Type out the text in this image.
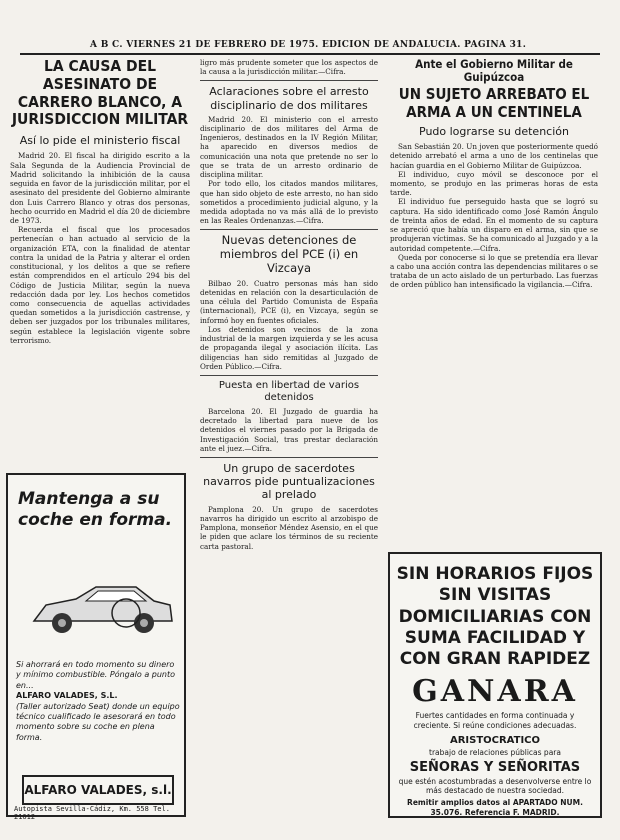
A B C. VIERNES 21 DE FEBRERO DE 1975. EDICION DE ANDALUCIA. PAGINA 31.
LA CAUSA DEL ASESINATO DE CARRERO BLANCO, A JURISDICCION MILITAR
Así lo pide el ministerio fiscal

Madrid 20. El fiscal ha dirigido escrito a la Sala Segunda de la Audiencia Provincial de Madrid solicitando la inhibición de la causa seguida en favor de la jurisdicción militar, por el asesinato del presidente del Gobierno almirante don Luis Carrero Blanco y otras dos personas, hecho ocurrido en Madrid el día 20 de diciembre de 1973.

Recuerda el fiscal que los procesados pertenecían o han actuado al servicio de la organización ETA, con la finalidad de atentar contra la unidad de la Patria y alterar el orden constitucional, y los delitos a que se refiere están comprendidos en el artículo 294 bis del Código de Justicia Militar, según la nueva redacción dada por ley. Los hechos cometidos como consecuencia de aquellas actividades quedan sometidos a la jurisdicción castrense, y deben ser juzgados por los tribunales militares, según establece la legislación vigente sobre terrorismo.

Mantenga a su coche en forma.
Si ahorrará en todo momento su dinero y mínimo combustible. Póngalo a punto en...
ALFARO VALADES, S.L.
(Taller autorizado Seat) donde un equipo técnico cualificado le asesorará en todo momento sobre su coche en plena forma.
ALFARO VALADES, s.l.
Autopista Sevilla-Cádiz, Km. 558 Tel. 21612

ligro más prudente someter que los aspectos de la causa a la jurisdicción militar.—Cifra.

Aclaraciones sobre el arresto disciplinario de dos militares

Madrid 20. El ministerio con el arresto disciplinario de dos militares del Arma de Ingenieros, destinados en la IV Región Militar, ha aparecido en diversos medios de comunicación una nota que pretende no ser lo que se trata de un arresto ordinario de disciplina militar.

Por todo ello, los citados mandos militares, que han sido objeto de este arresto, no han sido sometidos a procedimiento judicial alguno, y la medida adoptada no va más allá de lo previsto en las Reales Ordenanzas.—Cifra.

Nuevas detenciones de miembros del PCE (i) en Vizcaya

Bilbao 20. Cuatro personas más han sido detenidas en relación con la desarticulación de una célula del Partido Comunista de España (internacional), PCE (i), en Vizcaya, según se informó hoy en fuentes oficiales.

Los detenidos son vecinos de la zona industrial de la margen izquierda y se les acusa de propaganda ilegal y asociación ilícita. Las diligencias han sido remitidas al Juzgado de Orden Público.—Cifra.

Puesta en libertad de varios detenidos

Barcelona 20. El Juzgado de guardia ha decretado la libertad para nueve de los detenidos el viernes pasado por la Brigada de Investigación Social, tras prestar declaración ante el juez.—Cifra.

Un grupo de sacerdotes navarros pide puntualizaciones al prelado

Pamplona 20. Un grupo de sacerdotes navarros ha dirigido un escrito al arzobispo de Pamplona, monseñor Méndez Asensio, en el que le piden que aclare los términos de su reciente carta pastoral.

Ante el Gobierno Militar de Guipúzcoa
UN SUJETO ARREBATO EL ARMA A UN CENTINELA
Pudo lograrse su detención

San Sebastián 20. Un joven que posteriormente quedó detenido arrebató el arma a uno de los centinelas que hacían guardia en el Gobierno Militar de Guipúzcoa.

El individuo, cuyo móvil se desconoce por el momento, se produjo en las primeras horas de esta tarde.

El individuo fue perseguido hasta que se logró su captura. Ha sido identificado como José Ramón Ángulo de treinta años de edad. En el momento de su captura se apreció que había un disparo en el arma, sin que se produjeran víctimas. Se ha comunicado al Juzgado y a la autoridad competente.—Cifra.

Queda por conocerse si lo que se pretendía era llevar a cabo una acción contra las dependencias militares o se trataba de un acto aislado de un perturbado. Las fuerzas de orden público han intensificado la vigilancia.—Cifra.

SIN HORARIOS FIJOS SIN VISITAS DOMICILIARIAS CON SUMA FACILIDAD Y CON GRAN RAPIDEZ
GANARA
Fuertes cantidades en forma continuada y creciente. Si reúne condiciones adecuadas.
ARISTOCRATICO
trabajo de relaciones públicas para
SEÑORAS Y SEÑORITAS
que estén acostumbradas a desenvolverse entre lo más destacado de nuestra sociedad.
Remitir amplios datos al APARTADO NUM. 35.076. Referencia F. MADRID.
